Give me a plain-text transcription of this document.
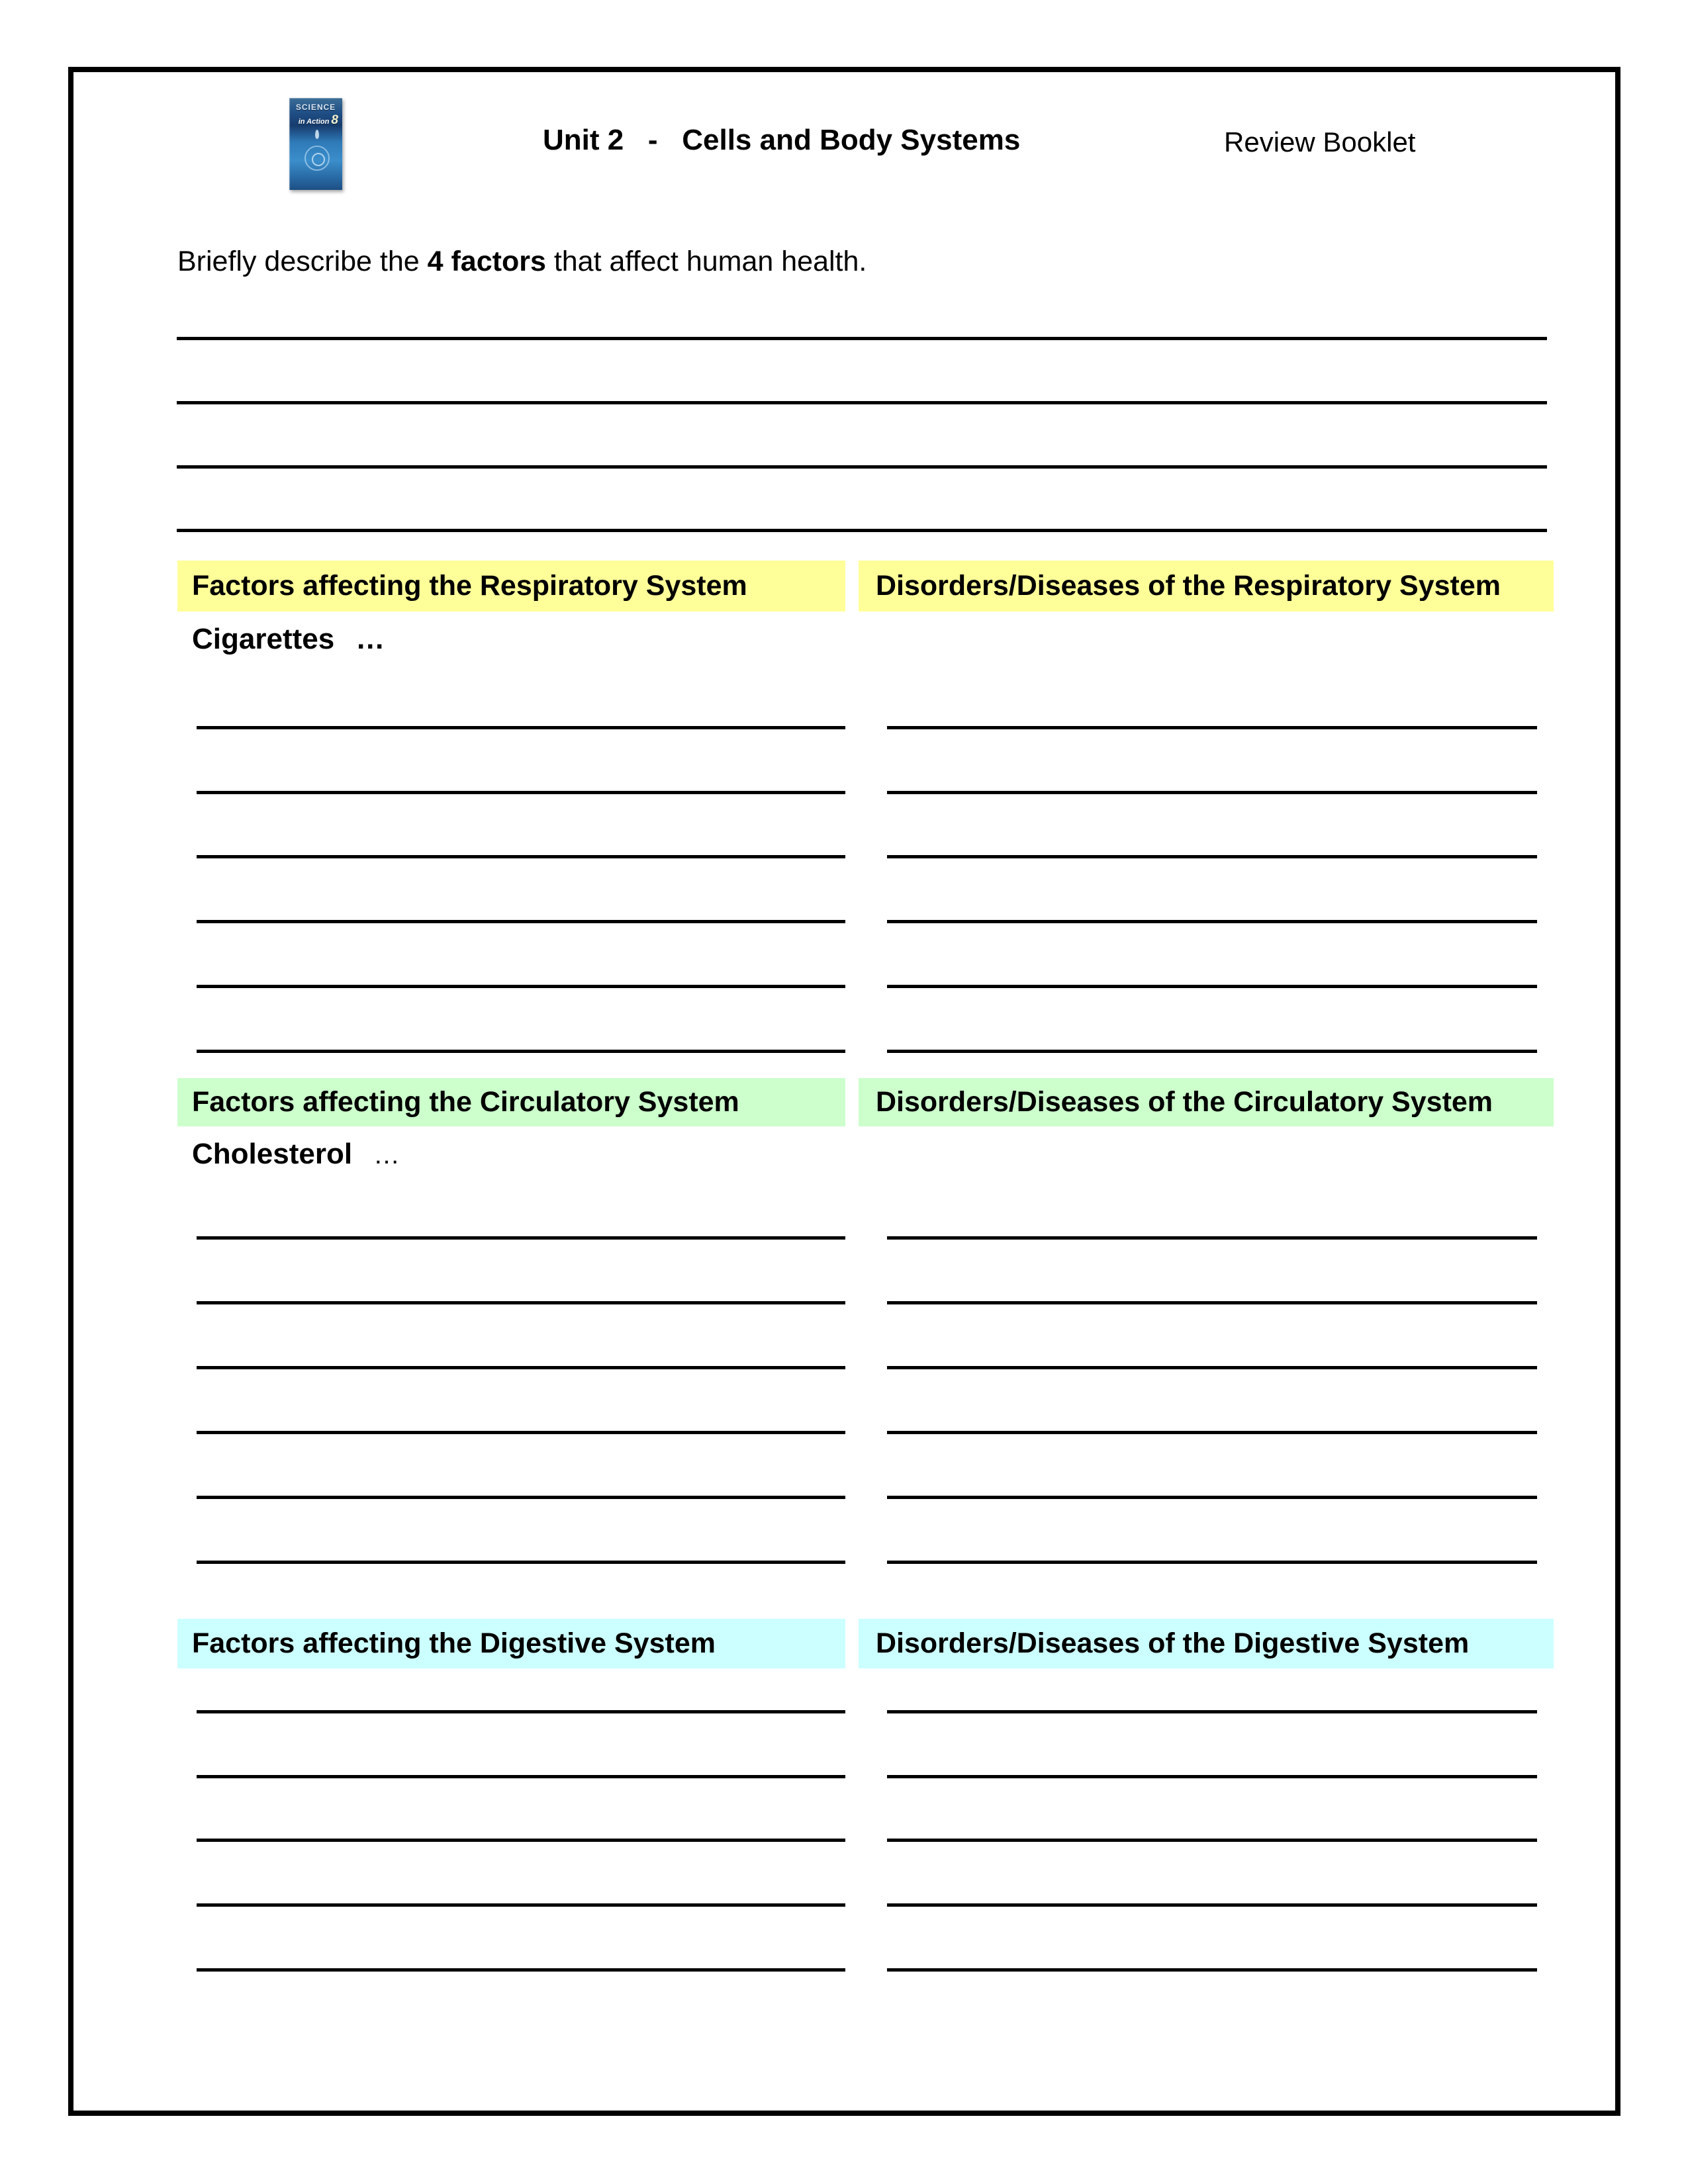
SCIENCE
in Action 8
Unit 2   -   Cells and Body Systems	Review Booklet
Briefly describe the 4 factors that affect human health.
Factors affecting the Respiratory System	Disorders/Diseases of the Respiratory System
Cigarettes …
Factors affecting the Circulatory System	Disorders/Diseases of the Circulatory System
Cholesterol …
Factors affecting the Digestive System	Disorders/Diseases of the Digestive System
